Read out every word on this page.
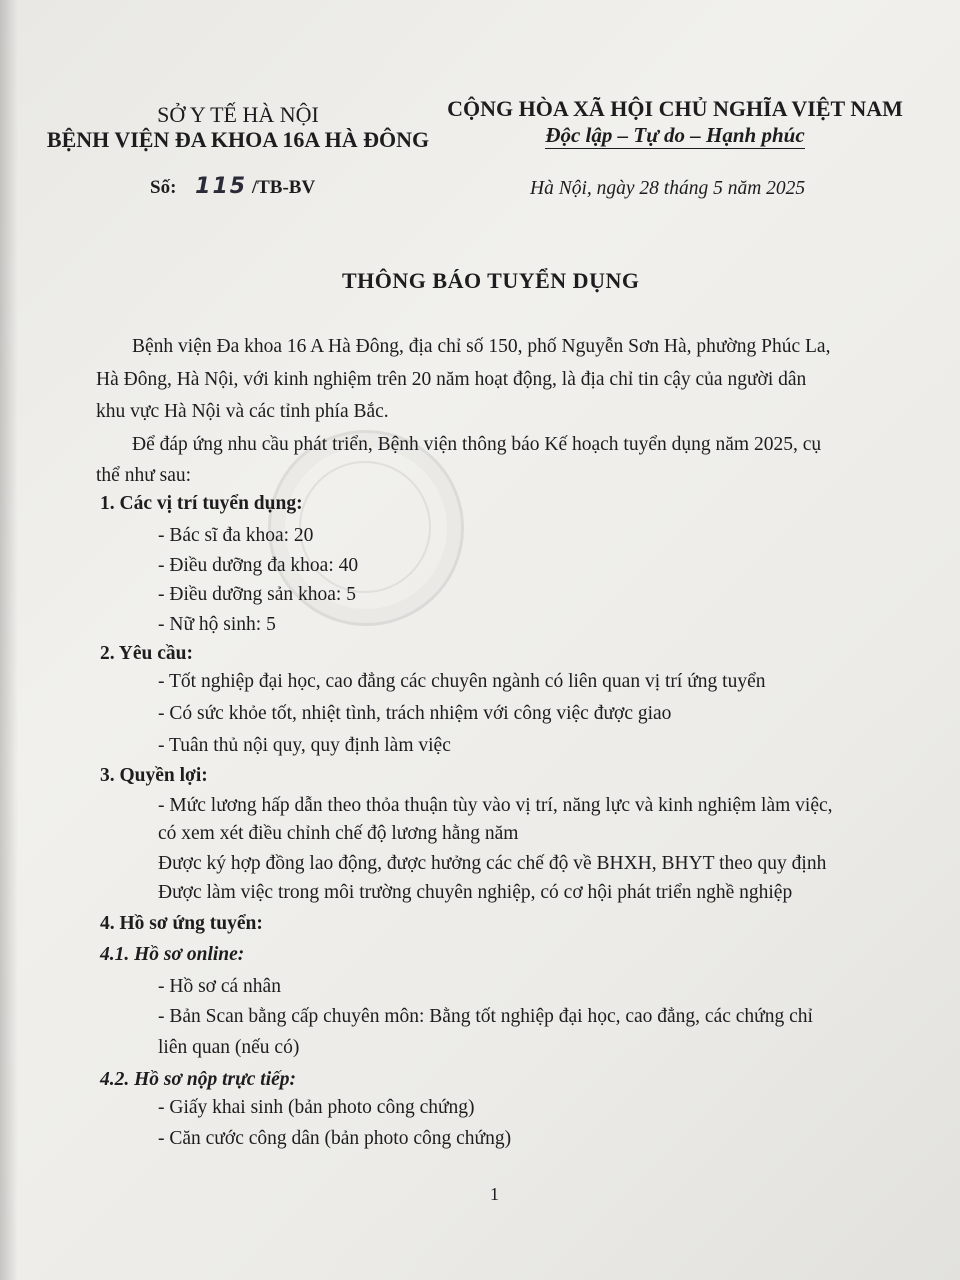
SỞ Y TẾ HÀ NỘI
BỆNH VIỆN ĐA KHOA 16A HÀ ĐÔNG
CỘNG HÒA XÃ HỘI CHỦ NGHĨA VIỆT NAM
Độc lập – Tự do – Hạnh phúc
Số: 115 /TB-BV	Hà Nội, ngày 28 tháng 5 năm 2025
THÔNG BÁO TUYỂN DỤNG
Bệnh viện Đa khoa 16 A Hà Đông, địa chỉ số 150, phố Nguyễn Sơn Hà, phường Phúc La,
Hà Đông, Hà Nội, với kinh nghiệm trên 20 năm hoạt động, là địa chỉ tin cậy của người dân
khu vực Hà Nội và các tỉnh phía Bắc.
Để đáp ứng nhu cầu phát triển, Bệnh viện thông báo Kế hoạch tuyển dụng năm 2025, cụ
thể như sau:
1. Các vị trí tuyển dụng:
- Bác sĩ đa khoa: 20
- Điều dưỡng đa khoa: 40
- Điều dưỡng sản khoa: 5
- Nữ hộ sinh: 5
2. Yêu cầu:
- Tốt nghiệp đại học, cao đẳng các chuyên ngành có liên quan vị trí ứng tuyển
- Có sức khỏe tốt, nhiệt tình, trách nhiệm với công việc được giao
- Tuân thủ nội quy, quy định làm việc
3. Quyền lợi:
- Mức lương hấp dẫn theo thỏa thuận tùy vào vị trí, năng lực và kinh nghiệm làm việc,
có xem xét điều chỉnh chế độ lương hằng năm
Được ký hợp đồng lao động, được hưởng các chế độ về BHXH, BHYT theo quy định
Được làm việc trong môi trường chuyên nghiệp, có cơ hội phát triển nghề nghiệp
4. Hồ sơ ứng tuyển:
4.1. Hồ sơ online:
- Hồ sơ cá nhân
- Bản Scan bằng cấp chuyên môn: Bằng tốt nghiệp đại học, cao đẳng, các chứng chỉ
liên quan (nếu có)
4.2. Hồ sơ nộp trực tiếp:
- Giấy khai sinh (bản photo công chứng)
- Căn cước công dân (bản photo công chứng)
1
